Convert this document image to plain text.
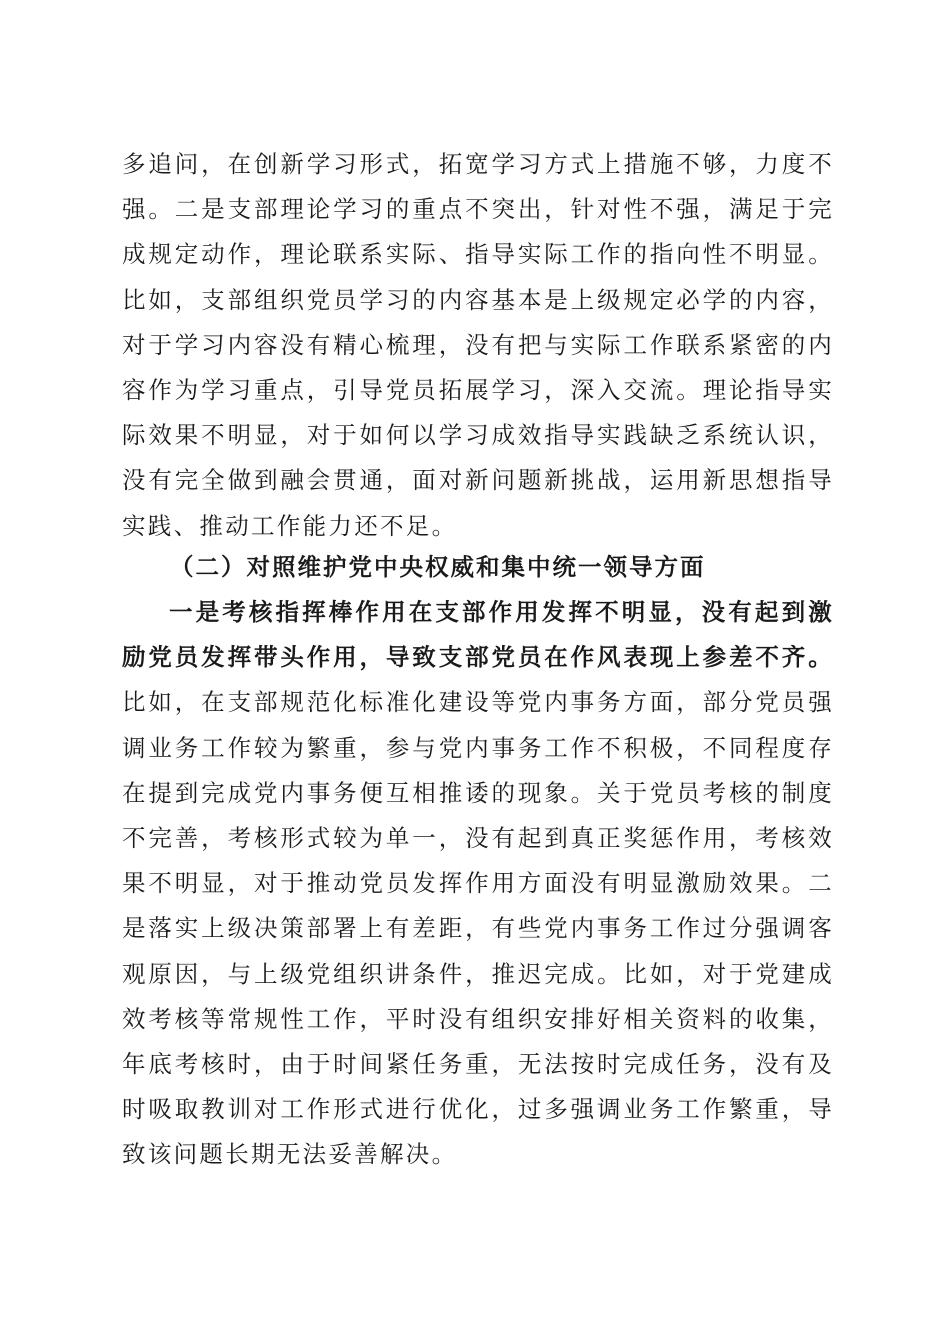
多追问，在创新学习形式，拓宽学习方式上措施不够，力度不强。二是支部理论学习的重点不突出，针对性不强，满足于完成规定动作，理论联系实际、指导实际工作的指向性不明显。比如，支部组织党员学习的内容基本是上级规定必学的内容，对于学习内容没有精心梳理，没有把与实际工作联系紧密的内容作为学习重点，引导党员拓展学习，深入交流。理论指导实际效果不明显，对于如何以学习成效指导实践缺乏系统认识，没有完全做到融会贯通，面对新问题新挑战，运用新思想指导实践、推动工作能力还不足。

（二）对照维护党中央权威和集中统一领导方面

一是考核指挥棒作用在支部作用发挥不明显，没有起到激励党员发挥带头作用，导致支部党员在作风表现上参差不齐。比如，在支部规范化标准化建设等党内事务方面，部分党员强调业务工作较为繁重，参与党内事务工作不积极，不同程度存在提到完成党内事务便互相推诿的现象。关于党员考核的制度不完善，考核形式较为单一，没有起到真正奖惩作用，考核效果不明显，对于推动党员发挥作用方面没有明显激励效果。二是落实上级决策部署上有差距，有些党内事务工作过分强调客观原因，与上级党组织讲条件，推迟完成。比如，对于党建成效考核等常规性工作，平时没有组织安排好相关资料的收集，年底考核时，由于时间紧任务重，无法按时完成任务，没有及时吸取教训对工作形式进行优化，过多强调业务工作繁重，导致该问题长期无法妥善解决。
